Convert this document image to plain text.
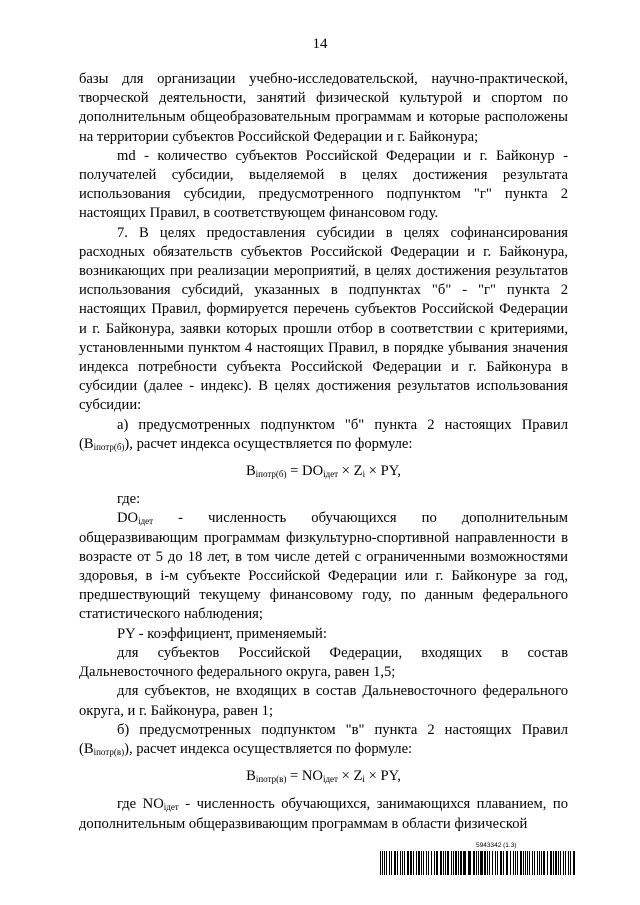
14

базы для организации учебно-исследовательской, научно-практической, творческой деятельности, занятий физической культурой и спортом по дополнительным общеобразовательным программам и которые расположены на территории субъектов Российской Федерации и г. Байконура;

md - количество субъектов Российской Федерации и г. Байконур - получателей субсидии, выделяемой в целях достижения результата использования субсидии, предусмотренного подпунктом "г" пункта 2 настоящих Правил, в соответствующем финансовом году.

7. В целях предоставления субсидии в целях софинансирования расходных обязательств субъектов Российской Федерации и г. Байконура, возникающих при реализации мероприятий, в целях достижения результатов использования субсидий, указанных в подпунктах "б" - "г" пункта 2 настоящих Правил, формируется перечень субъектов Российской Федерации и г. Байконура, заявки которых прошли отбор в соответствии с критериями, установленными пунктом 4 настоящих Правил, в порядке убывания значения индекса потребности субъекта Российской Федерации и г. Байконура в субсидии (далее - индекс). В целях достижения результатов использования субсидии:

а) предусмотренных подпунктом "б" пункта 2 настоящих Правил $(B_{iпотр(б)})$, расчет индекса осуществляется по формуле:

$B_{iпотр(б)} = DO_{iдет} \times Z_i$ × PY,

где:

$DO_{iдет}$ - численность обучающихся по дополнительным общеразвивающим программам физкультурно-спортивной направленности в возрасте от 5 до 18 лет, в том числе детей с ограниченными возможностями здоровья, в i-м субъекте Российской Федерации или г. Байконуре за год, предшествующий текущему финансовому году, по данным федерального статистического наблюдения;

PY - коэффициент, применяемый:

для субъектов Российской Федерации, входящих в состав Дальневосточного федерального округа, равен 1,5;

для субъектов, не входящих в состав Дальневосточного федерального округа, и г. Байконура, равен 1;

б) предусмотренных подпунктом "в" пункта 2 настоящих Правил $(B_{iпотр(в)})$, расчет индекса осуществляется по формуле:

$B_{iпотр(в)} = NO_{iдет} \times Z_i$ × PY,

где $NO_{iдет}$ - численность обучающихся, занимающихся плаванием, по дополнительным общеразвивающим программам в области физической

5943342 (1.3)
